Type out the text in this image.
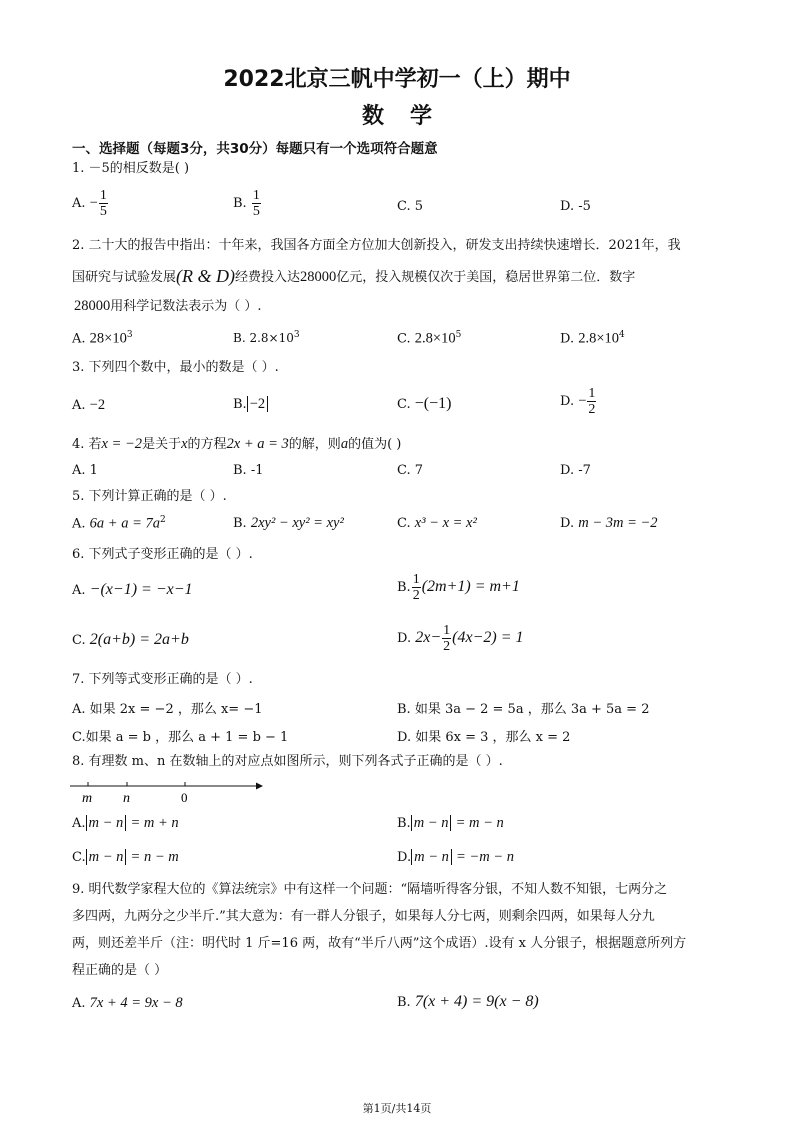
2022北京三帆中学初一（上）期中
数学
一、选择题（每题3分，共30分）每题只有一个选项符合题意
1. －5的相反数是( )
A. − $\frac{1}{5}$	B. $\frac{1}{5}$	C. 5	D. -5
2. 二十大的报告中指出：十年来，我国各方面全方位加大创新投入，研发支出持续快速增长．2021年，我
国研究与试验发展(R & D)经费投入达28000亿元，投入规模仅次于美国，稳居世界第二位．数字
28000用科学记数法表示为（ ）.
A. $28\times 10^3$	B. $2.8\times 10^3$	C. $2.8\times 10^5$	D. $2.8\times 10^4$
3. 下列四个数中，最小的数是（ ）.
A. −2	B. −2	C. −(−1)	D. − $\frac{1}{2}$
4. 若x = −2是关于x的方程2x + a = 3的解，则a的值为( )
A. 1	B. -1	C. 7	D. -7
5. 下列计算正确的是（ ）.
A. $6a + a = 7a^2$	B. 2xy² − xy² = xy²	C. x³ − x = x²	D. m − 3m = −2
6. 下列式子变形正确的是（ ）.
A. −(x−1) = −x−1	B. $\frac{1}{2} (2m+1) = m+1$
C. 2(a+b) = 2a+b	D. $2x- \frac{1}{2} (4x-2) = 1$
7. 下列等式变形正确的是（ ）.
A. 如果 2x = −2 ，那么 x= −1	B. 如果 3a − 2 = 5a ，那么 3a + 5a = 2
C.如果 a = b ，那么 a + 1 = b − 1	D. 如果 6x = 3 ，那么 x = 2
8. 有理数 m、n 在数轴上的对应点如图所示，则下列各式子正确的是（ ）.
m n	0
A. m − n = m + n	B. m − n = m − n
C. m − n = n − m	D. m − n = −m − n
9. 明代数学家程大位的《算法统宗》中有这样一个问题：“隔墙听得客分银，不知人数不知银，七两分之
多四两，九两分之少半斤.”其大意为：有一群人分银子，如果每人分七两，则剩余四两，如果每人分九
两，则还差半斤（注：明代时 1 斤=16 两，故有“半斤八两”这个成语）.设有 x 人分银子，根据题意所列方
程正确的是（ ）
A. 7x + 4 = 9x − 8	B. 7(x + 4) = 9(x − 8)
第1页/共14页
